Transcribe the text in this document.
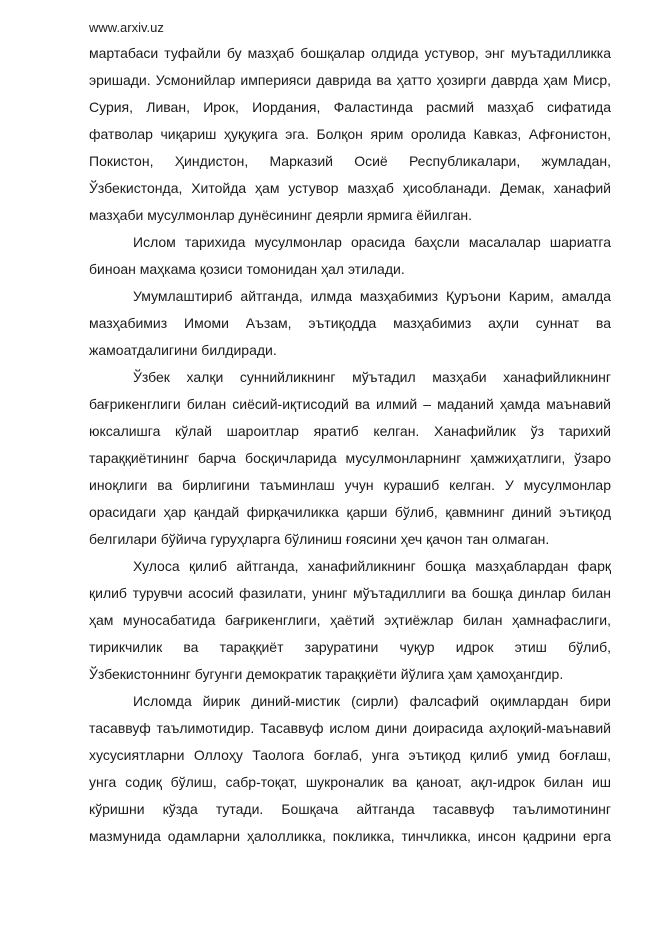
www.arxiv.uz
мартабаси туфайли бу мазҳаб бошқалар олдида устувор, энг муътадилликка
эришади. Усмонийлар империяси даврида ва ҳатто ҳозирги даврда ҳам Миср,
Сурия, Ливан, Ирок, Иордания, Фаластинда расмий мазҳаб сифатида
фатволар чиқариш ҳуқуқига эга. Болқон ярим оролида Кавказ, Афғонистон,
Покистон, Ҳиндистон, Марказий Осиё Республикалари, жумладан,
Ўзбекистонда, Хитойда ҳам устувор мазҳаб ҳисобланади. Демак, ханафий
мазҳаби мусулмонлар дунёсининг деярли ярмига ёйилган.
Ислом тарихида мусулмонлар орасида баҳсли масалалар шариатга
биноан маҳкама қозиси томонидан ҳал этилади.
Умумлаштириб айтганда, илмда мазҳабимиз Қуръони Карим, амалда
мазҳабимиз Имоми Аъзам, эътиқодда мазҳабимиз аҳли суннат ва
жамоатдалигини билдиради.
Ўзбек халқи суннийликнинг мўътадил мазҳаби ханафийликнинг
бағрикенглиги билан сиёсий-иқтисодий ва илмий – маданий ҳамда маънавий
юксалишга кўлай шароитлар яратиб келган. Ханафийлик ўз тарихий
тараққиётининг барча босқичларида мусулмонларнинг ҳамжиҳатлиги, ўзаро
иноқлиги ва бирлигини таъминлаш учун курашиб келган. У мусулмонлар
орасидаги ҳар қандай фирқачиликка қарши бўлиб, қавмнинг диний эътиқод
белгилари бўйича гуруҳларга бўлиниш ғоясини ҳеч қачон тан олмаган.
Хулоса қилиб айтганда, ханафийликнинг бошқа мазҳаблардан фарқ
қилиб турувчи асосий фазилати, унинг мўътадиллиги ва бошқа динлар билан
ҳам муносабатида бағрикенглиги, ҳаётий эҳтиёжлар билан ҳамнафаслиги,
тирикчилик ва тараққиёт заруратини чуқур идрок этиш бўлиб,
Ўзбекистоннинг бугунги демократик тараққиёти йўлига ҳам ҳамоҳангдир.
Исломда йирик диний-мистик (сирли) фалсафий оқимлардан бири
тасаввуф таълимотидир. Тасаввуф ислом дини доирасида аҳлоқий-маънавий
хусусиятларни Оллоҳу Таолога боғлаб, унга эътиқод қилиб умид боғлаш,
унга содиқ бўлиш, сабр-тоқат, шукроналик ва қаноат, ақл-идрок билан иш
кўришни кўзда тутади. Бошқача айтганда тасаввуф таълимотининг
мазмунида одамларни ҳалолликка, покликка, тинчликка, инсон қадрини ерга
